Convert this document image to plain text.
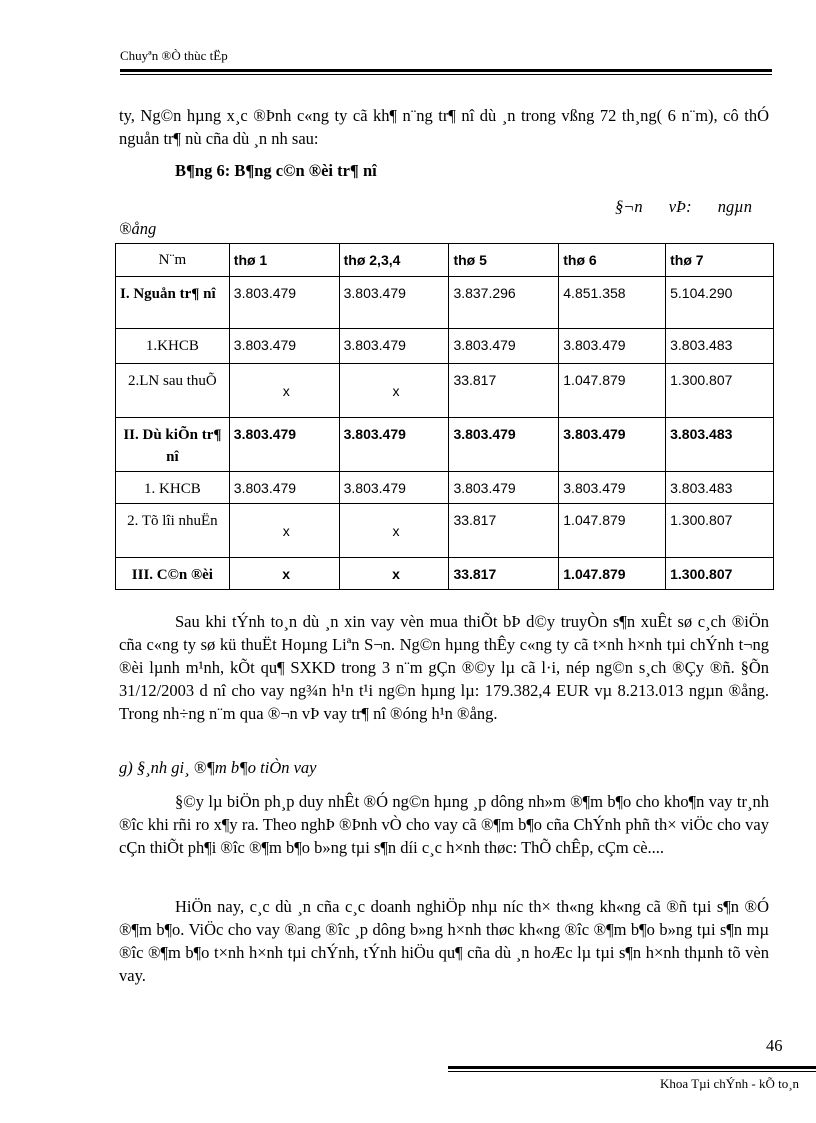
Chuyªn ®Ò thùc tËp
ty, Ng©n hµng x¸c ®Þnh c«ng ty cã kh¶ n¨ng tr¶ nî dù ¸n trong vßng 72 th¸ng( 6 n¨m), cô thÓ nguån tr¶ nù cña dù ¸n nh sau:
B¶ng 6: B¶ng c©n ®èi tr¶ nî
§¬n vÞ: ngµn
®ång
N¨m	thø 1	thø 2,3,4	thø 5	thø 6	thø 7
I. Nguån tr¶ nî	3.803.479	3.803.479	3.837.296	4.851.358	5.104.290
1.KHCB	3.803.479	3.803.479	3.803.479	3.803.479	3.803.483
2.LN sau thuÕ	x	x	33.817	1.047.879	1.300.807
II. Dù kiÕn tr¶ nî	3.803.479	3.803.479	3.803.479	3.803.479	3.803.483
1. KHCB	3.803.479	3.803.479	3.803.479	3.803.479	3.803.483
2. Tõ lîi nhuËn	x	x	33.817	1.047.879	1.300.807
III. C©n ®èi	x	x	33.817	1.047.879	1.300.807
Sau khi tÝnh to¸n dù ¸n xin vay vèn mua thiÕt bÞ d©y truyÒn s¶n xuÊt sø c¸ch ®iÖn cña c«ng ty sø kü thuËt Hoµng Liªn S¬n. Ng©n hµng thÊy c«ng ty cã t×nh h×nh tµi chÝnh t¬ng ®èi lµnh m¹nh, kÕt qu¶ SXKD trong 3 n¨m gÇn ®©y lµ cã l·i, nép ng©n s¸ch ®Çy ®ñ. §Õn 31/12/2003 d nî cho vay ng¾n h¹n t¹i ng©n hµng lµ: 179.382,4 EUR vµ 8.213.013 ngµn ®ång. Trong nh÷ng n¨m qua ®¬n vÞ vay tr¶ nî ®óng h¹n ®ång.
g) §¸nh gi¸ ®¶m b¶o tiÒn vay
§©y lµ biÖn ph¸p duy nhÊt ®Ó ng©n hµng ¸p dông nh»m ®¶m b¶o cho kho¶n vay tr¸nh ®îc khi rñi ro x¶y ra. Theo nghÞ ®Þnh vÒ cho vay cã ®¶m b¶o cña ChÝnh phñ th× viÖc cho vay cÇn thiÕt ph¶i ®îc ®¶m b¶o b»ng tµi s¶n díi c¸c h×nh thøc: ThÕ chÊp, cÇm cè....
HiÖn nay, c¸c dù ¸n cña c¸c doanh nghiÖp nhµ níc th× th«ng kh«ng cã ®ñ tµi s¶n ®Ó ®¶m b¶o. ViÖc cho vay ®ang ®îc ¸p dông b»ng h×nh thøc kh«ng ®îc ®¶m b¶o b»ng tµi s¶n mµ ®îc ®¶m b¶o t×nh h×nh tµi chÝnh, tÝnh hiÖu qu¶ cña dù ¸n hoÆc lµ tµi s¶n h×nh thµnh tõ vèn vay.
46
Khoa Tµi chÝnh - kÕ to¸n
